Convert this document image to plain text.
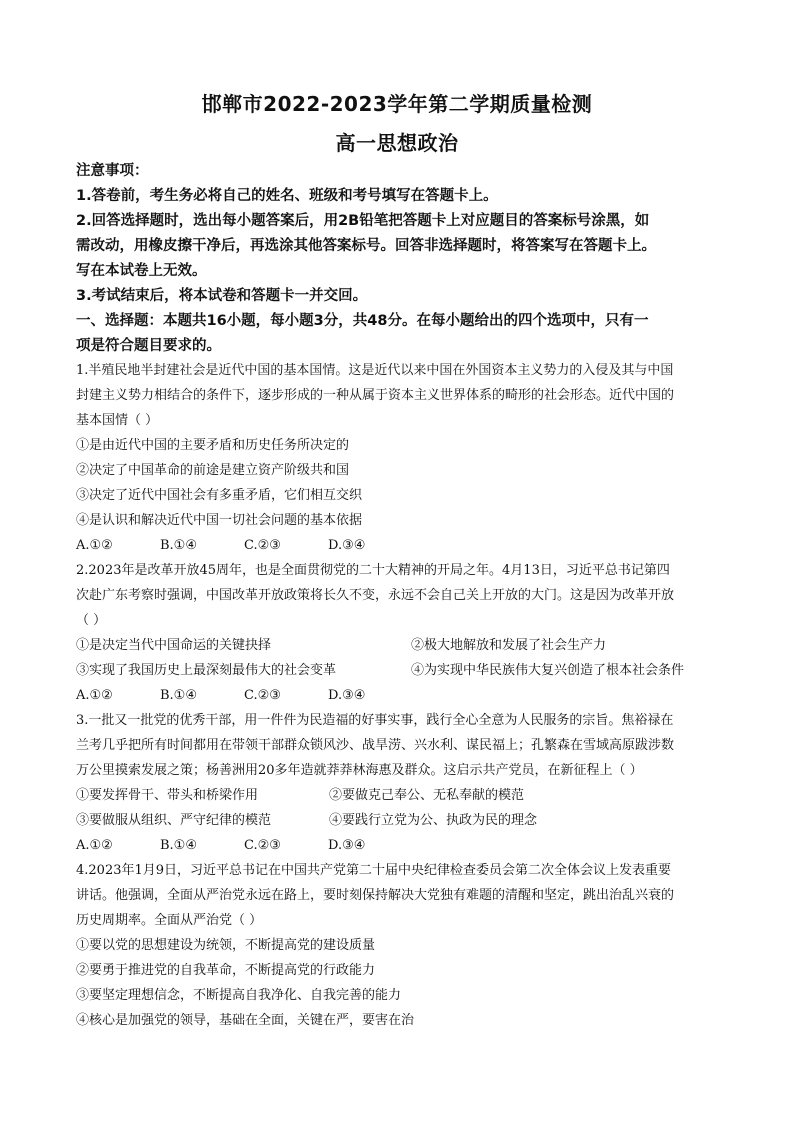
邯郸市2022-2023学年第二学期质量检测
高一思想政治
注意事项：
1.答卷前，考生务必将自己的姓名、班级和考号填写在答题卡上。
2.回答选择题时，选出每小题答案后，用2B铅笔把答题卡上对应题目的答案标号涂黑，如
需改动，用橡皮擦干净后，再选涂其他答案标号。回答非选择题时，将答案写在答题卡上。
写在本试卷上无效。
3.考试结束后，将本试卷和答题卡一并交回。
一、选择题：本题共16小题，每小题3分，共48分。在每小题给出的四个选项中，只有一
项是符合题目要求的。
1.半殖民地半封建社会是近代中国的基本国情。这是近代以来中国在外国资本主义势力的入侵及其与中国
封建主义势力相结合的条件下，逐步形成的一种从属于资本主义世界体系的畸形的社会形态。近代中国的
基本国情（ ）
①是由近代中国的主要矛盾和历史任务所决定的
②决定了中国革命的前途是建立资产阶级共和国
③决定了近代中国社会有多重矛盾，它们相互交织
④是认识和解决近代中国一切社会问题的基本依据
A.①②	B.①④	C.②③	D.③④
2.2023年是改革开放45周年，也是全面贯彻党的二十大精神的开局之年。4月13日，习近平总书记第四
次赴广东考察时强调，中国改革开放政策将长久不变，永远不会自己关上开放的大门。这是因为改革开放
（ ）
①是决定当代中国命运的关键抉择	②极大地解放和发展了社会生产力
③实现了我国历史上最深刻最伟大的社会变革	④为实现中华民族伟大复兴创造了根本社会条件
A.①②	B.①④	C.②③	D.③④
3.一批又一批党的优秀干部，用一件件为民造福的好事实事，践行全心全意为人民服务的宗旨。焦裕禄在
兰考几乎把所有时间都用在带领干部群众锁风沙、战旱涝、兴水利、谋民福上；孔繁森在雪域高原跋涉数
万公里摸索发展之策；杨善洲用20多年造就莽莽林海惠及群众。这启示共产党员，在新征程上（ ）
①要发挥骨干、带头和桥梁作用	②要做克己奉公、无私奉献的模范
③要做服从组织、严守纪律的模范	④要践行立党为公、执政为民的理念
A.①②	B.①④	C.②③	D.③④
4.2023年1月9日，习近平总书记在中国共产党第二十届中央纪律检查委员会第二次全体会议上发表重要
讲话。他强调，全面从严治党永远在路上，要时刻保持解决大党独有难题的清醒和坚定，跳出治乱兴衰的
历史周期率。全面从严治党（ ）
①要以党的思想建设为统领，不断提高党的建设质量
②要勇于推进党的自我革命，不断提高党的行政能力
③要坚定理想信念，不断提高自我净化、自我完善的能力
④核心是加强党的领导，基础在全面，关键在严，要害在治
